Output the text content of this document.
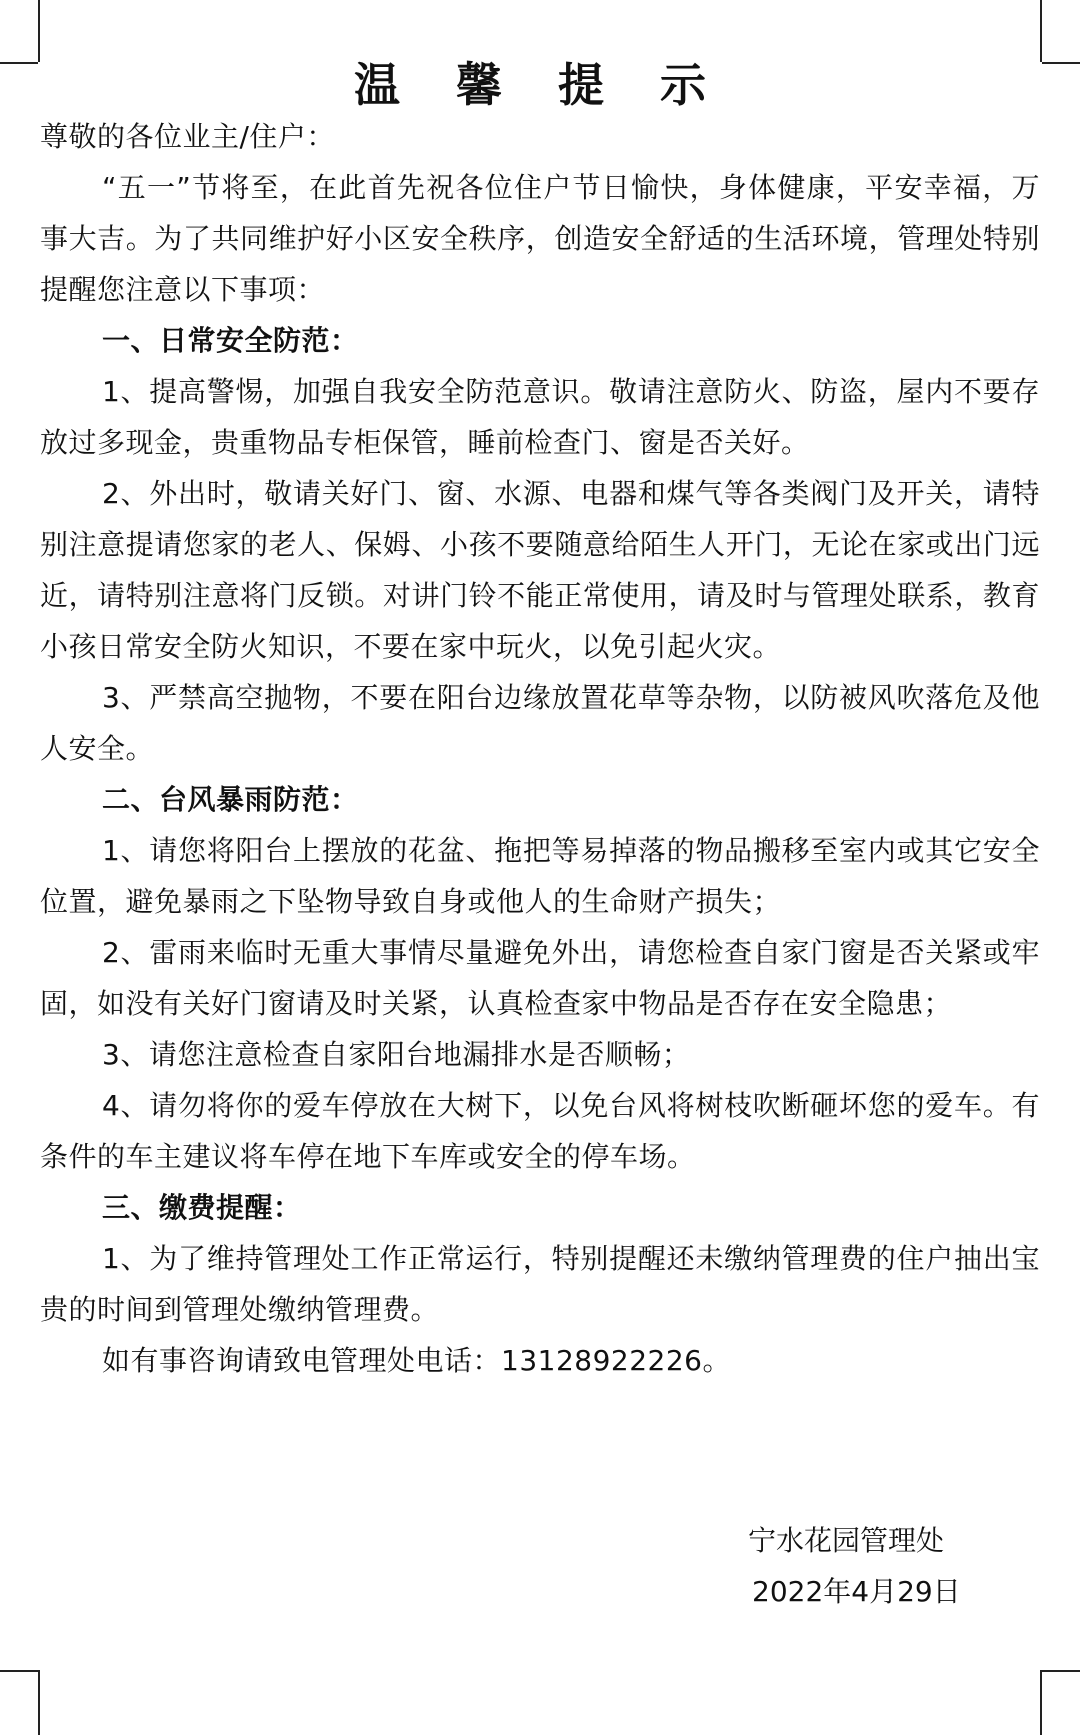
温 馨 提 示

尊敬的各位业主/住户：

“五一”节将至，在此首先祝各位住户节日愉快，身体健康，平安幸福，万事大吉。为了共同维护好小区安全秩序，创造安全舒适的生活环境，管理处特别提醒您注意以下事项：

一、日常安全防范：

1、提高警惕，加强自我安全防范意识。敬请注意防火、防盗，屋内不要存放过多现金，贵重物品专柜保管，睡前检查门、窗是否关好。

2、外出时，敬请关好门、窗、水源、电器和煤气等各类阀门及开关，请特别注意提请您家的老人、保姆、小孩不要随意给陌生人开门，无论在家或出门远近，请特别注意将门反锁。对讲门铃不能正常使用，请及时与管理处联系，教育小孩日常安全防火知识，不要在家中玩火，以免引起火灾。

3、严禁高空抛物，不要在阳台边缘放置花草等杂物，以防被风吹落危及他人安全。

二、台风暴雨防范：

1、请您将阳台上摆放的花盆、拖把等易掉落的物品搬移至室内或其它安全位置，避免暴雨之下坠物导致自身或他人的生命财产损失；

2、雷雨来临时无重大事情尽量避免外出，请您检查自家门窗是否关紧或牢固，如没有关好门窗请及时关紧，认真检查家中物品是否存在安全隐患；

3、请您注意检查自家阳台地漏排水是否顺畅；

4、请勿将你的爱车停放在大树下，以免台风将树枝吹断砸坏您的爱车。有条件的车主建议将车停在地下车库或安全的停车场。

三、缴费提醒：

1、为了维持管理处工作正常运行，特别提醒还未缴纳管理费的住户抽出宝贵的时间到管理处缴纳管理费。

如有事咨询请致电管理处电话：13128922226。

宁水花园管理处
2022年4月29日
